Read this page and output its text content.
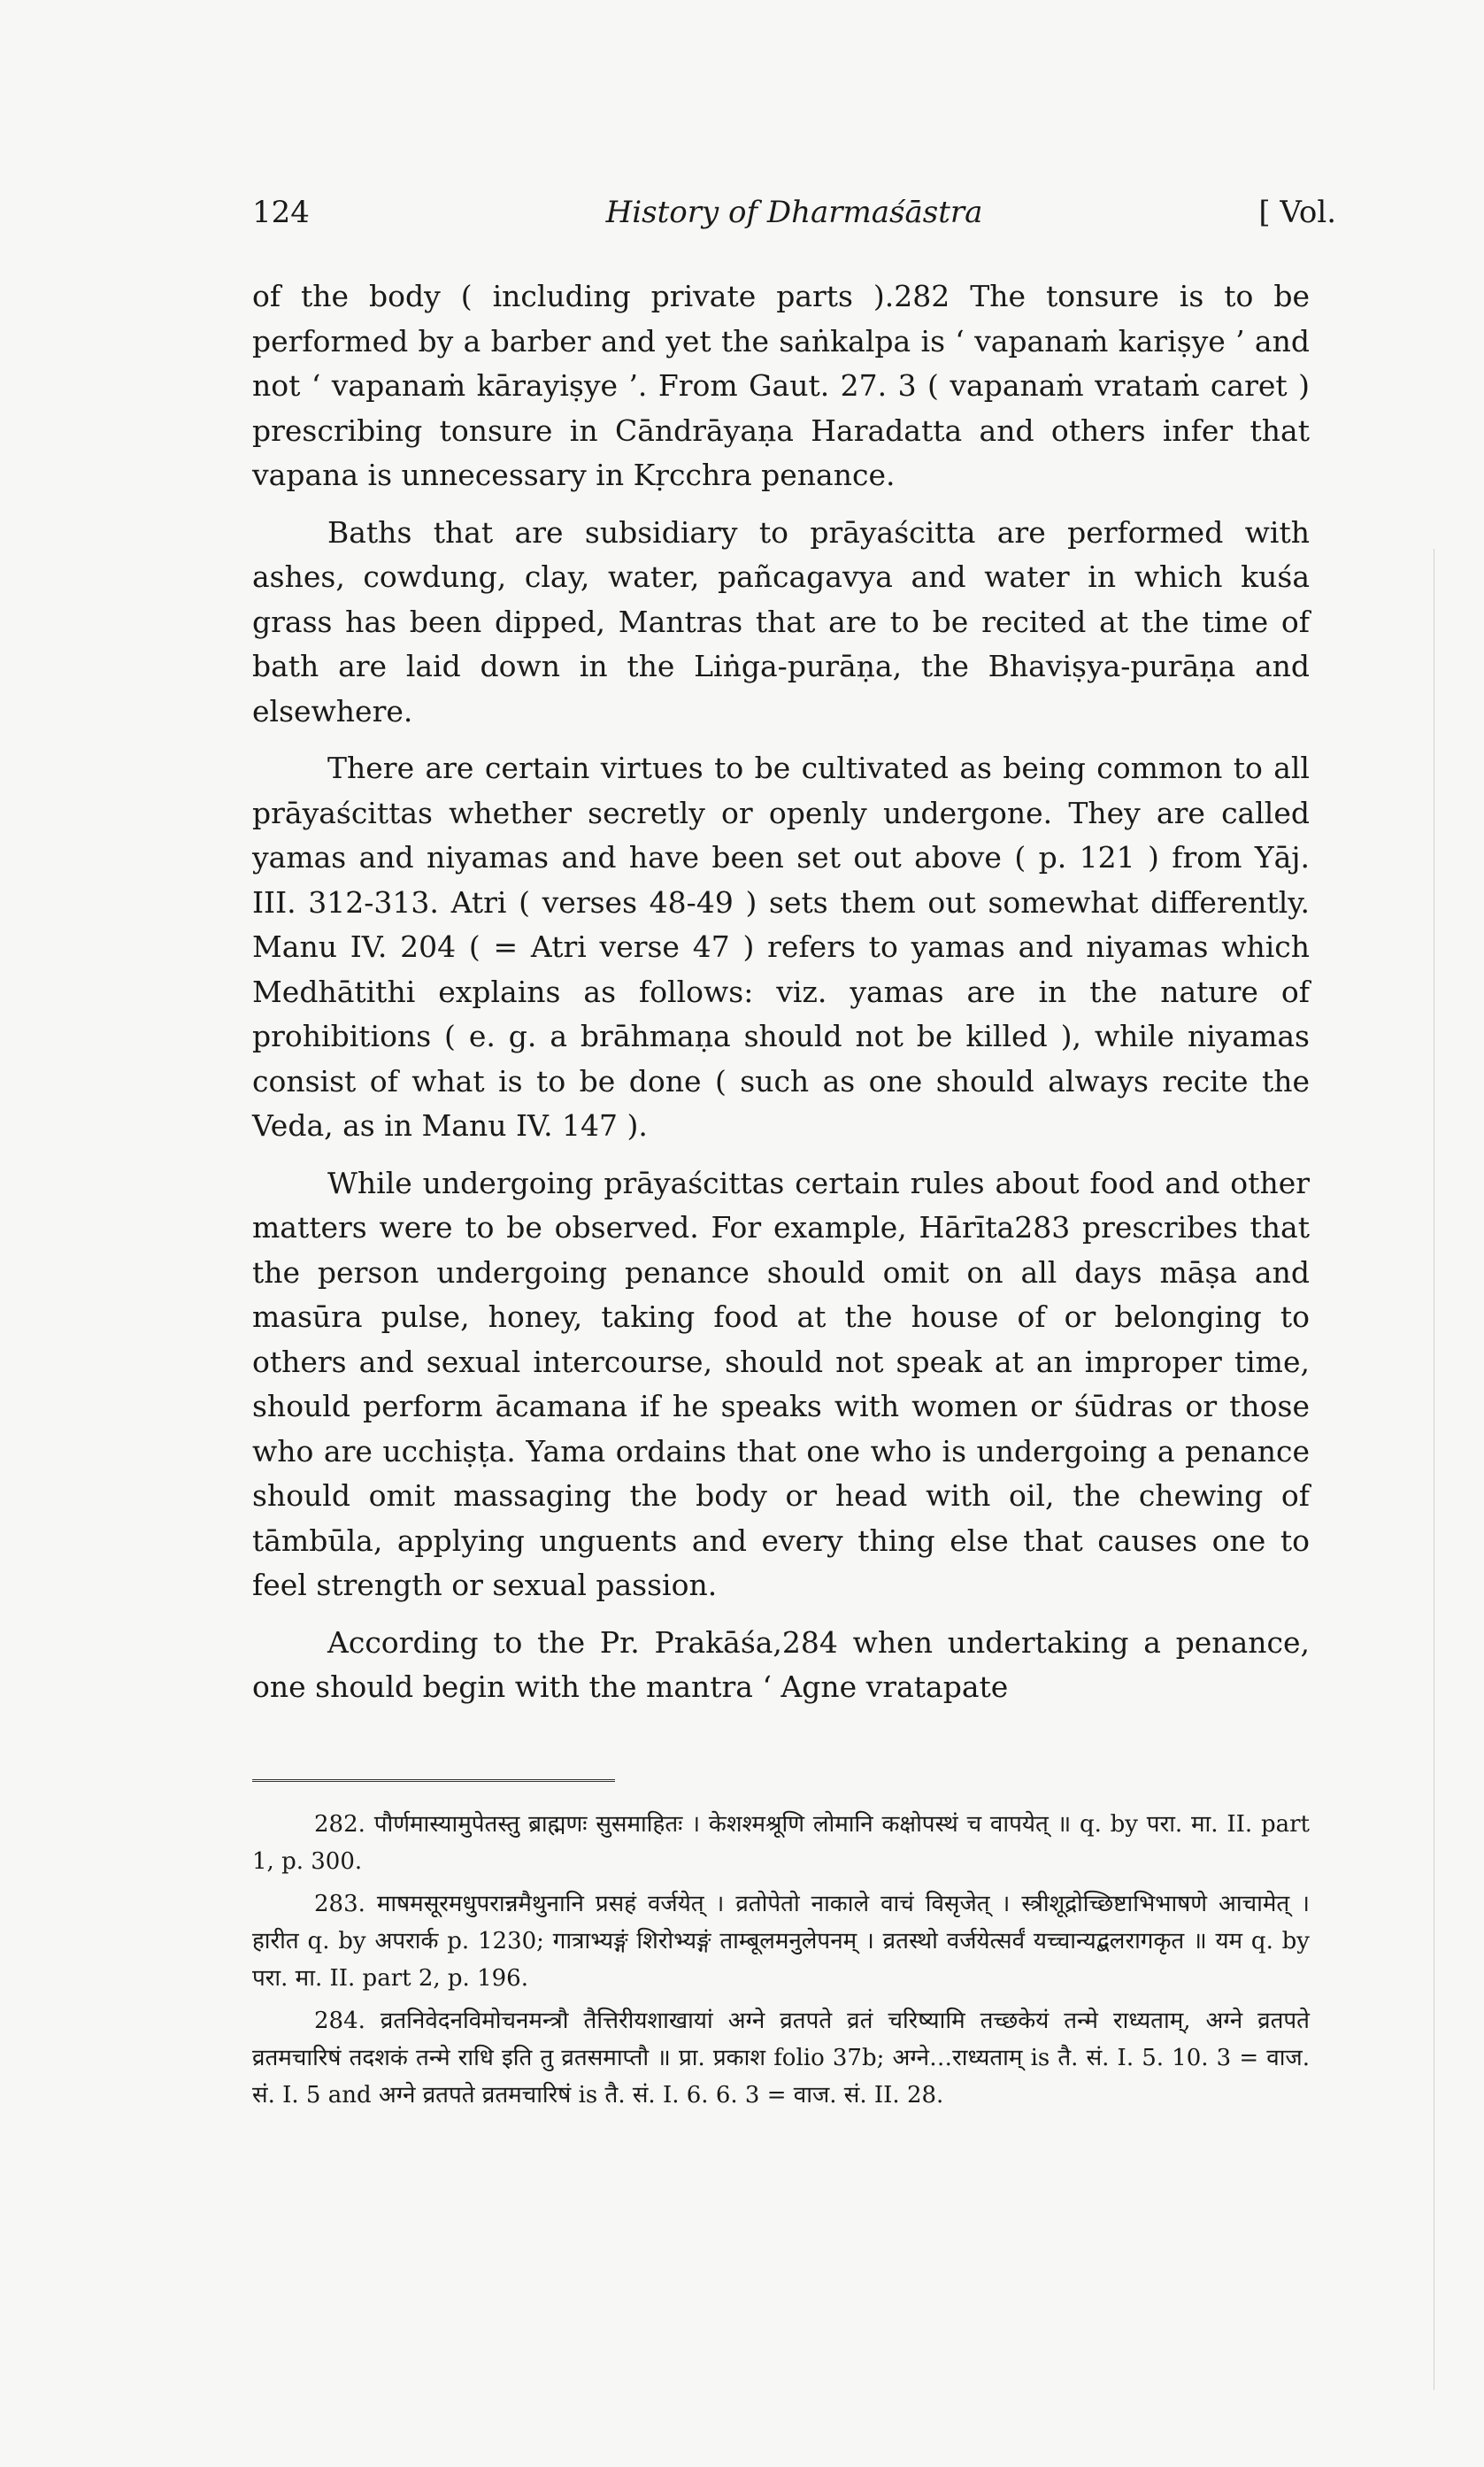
124	History of Dharmaśāstra	[ Vol.

of the body ( including private parts ).282 The tonsure is to be performed by a barber and yet the saṅkalpa is ‘ vapanaṁ kariṣye ’ and not ‘ vapanaṁ kārayiṣye ’. From Gaut. 27. 3 ( vapanaṁ vrataṁ caret ) prescribing tonsure in Cāndrāyaṇa Haradatta and others infer that vapana is unnecessary in Kṛcchra penance.

Baths that are subsidiary to prāyaścitta are performed with ashes, cowdung, clay, water, pañcagavya and water in which kuśa grass has been dipped, Mantras that are to be recited at the time of bath are laid down in the Liṅga-purāṇa, the Bhaviṣya-purāṇa and elsewhere.

There are certain virtues to be cultivated as being common to all prāyaścittas whether secretly or openly undergone. They are called yamas and niyamas and have been set out above ( p. 121 ) from Yāj. III. 312-313. Atri ( verses 48-49 ) sets them out somewhat differently. Manu IV. 204 ( = Atri verse 47 ) refers to yamas and niyamas which Medhātithi explains as follows: viz. yamas are in the nature of prohibitions ( e. g. a brāhmaṇa should not be killed ), while niyamas consist of what is to be done ( such as one should always recite the Veda, as in Manu IV. 147 ).

While undergoing prāyaścittas certain rules about food and other matters were to be observed. For example, Hārīta283 prescribes that the person undergoing penance should omit on all days māṣa and masūra pulse, honey, taking food at the house of or belonging to others and sexual intercourse, should not speak at an improper time, should perform ācamana if he speaks with women or śūdras or those who are ucchiṣṭa. Yama ordains that one who is undergoing a penance should omit massaging the body or head with oil, the chewing of tāmbūla, applying unguents and every thing else that causes one to feel strength or sexual passion.

According to the Pr. Prakāśa,284 when undertaking a penance, one should begin with the mantra ‘ Agne vratapate

282. पौर्णमास्यामुपेतस्तु ब्राह्मणः सुसमाहितः । केशश्मश्रूणि लोमानि कक्षोपस्थं च वापयेत् ॥ q. by परा. मा. II. part 1, p. 300.

283. माषमसूरमधुपरान्नमैथुनानि प्रसहं वर्जयेत् । व्रतोपेतो नाकाले वाचं विसृजेत् । स्त्रीशूद्रोच्छिष्टाभिभाषणे आचामेत् । हारीत q. by अपरार्क p. 1230; गात्राभ्यङ्गं शिरोभ्यङ्गं ताम्बूलमनुलेपनम् । व्रतस्थो वर्जयेत्सर्वं यच्चान्यद्बलरागकृत ॥ यम q. by परा. मा. II. part 2, p. 196.

284. व्रतनिवेदनविमोचनमन्त्रौ तैत्तिरीयशाखायां अग्ने व्रतपते व्रतं चरिष्यामि तच्छकेयं तन्मे राध्यताम्, अग्ने व्रतपते व्रतमचारिषं तदशकं तन्मे राधि इति तु व्रतसमाप्तौ ॥ प्रा. प्रकाश folio 37b; अग्ने…राध्यताम् is तै. सं. I. 5. 10. 3 = वाज. सं. I. 5 and अग्ने व्रतपते व्रतमचारिषं is तै. सं. I. 6. 6. 3 = वाज. सं. II. 28.
